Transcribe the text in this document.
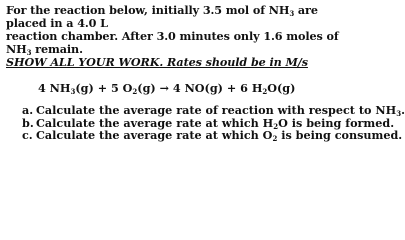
For the reaction below, initially 3.5 mol of $NH_3$ are placed in a 4.0 L
reaction chamber. After 3.0 minutes only 1.6 moles of $NH_3$ remain.
SHOW ALL YOUR WORK. Rates should be in M/s

4 $NH_3(g) + 5$ $O_2(g) \to 4$ NO(g) + 6 $H_2O(g)$
a. Calculate the average rate of reaction with respect to $NH_3$.
b. Calculate the average rate at which $H_2O$ is being formed.
c. Calculate the average rate at which $O_2$ is being consumed.
